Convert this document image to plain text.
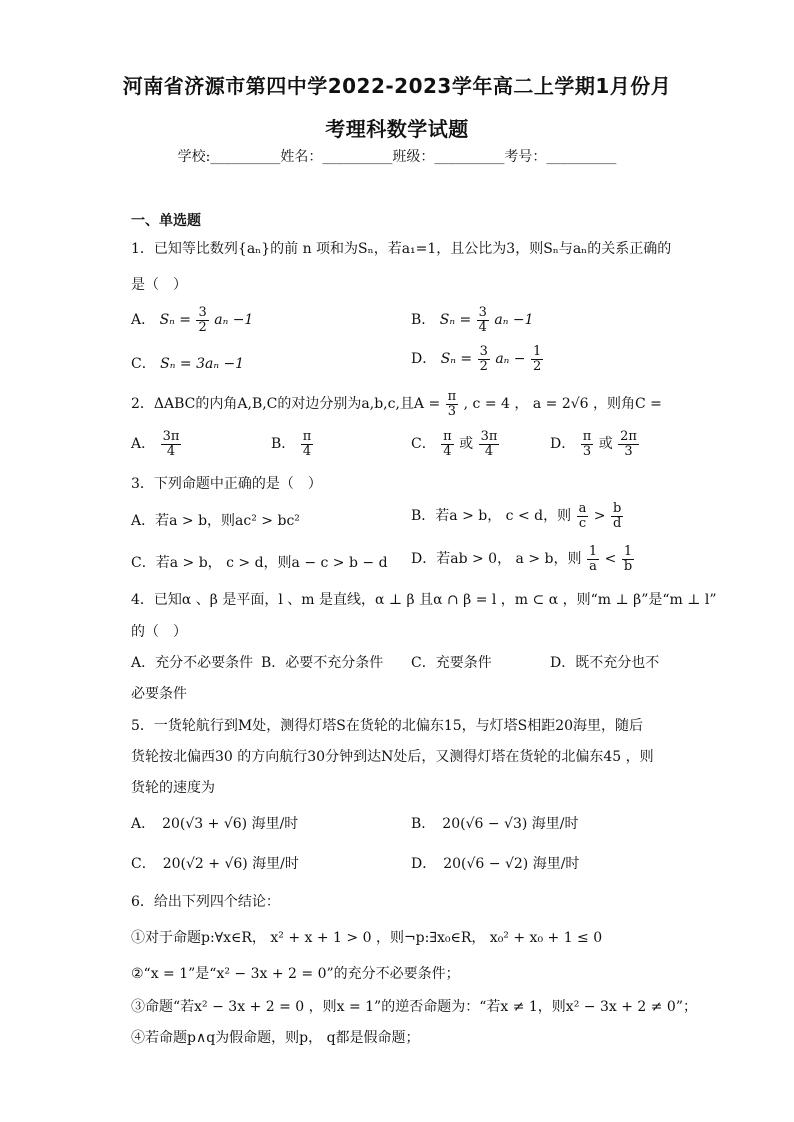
河南省济源市第四中学2022-2023学年高二上学期1月份月
考理科数学试题
学校:__________姓名：__________班级：__________考号：__________
一、单选题
1．已知等比数列{aₙ}的前 n 项和为Sₙ，若a₁=1，且公比为3，则Sₙ与aₙ的关系正确的
是（　）
A． $S_n = \frac{3}{2}$ aₙ −1	B． $S_n = \frac{3}{4}$ aₙ −1
C． Sₙ = 3aₙ −1	D． $S_n = \frac{3}{2}$ $a_n - \frac{1}{2}$
2．ΔABC的内角A,B,C的对边分别为a,b,c,且$A = \frac{\pi}{3}$ , c = 4 ， a = 2√6 ，则角C =
A． $\frac{3\pi}{4}$	B． $\frac{\pi}{4}$	C． $\frac{\pi}{4}$ 或 $\frac{3\pi}{4}$	D． $\frac{\pi}{3}$ 或 $\frac{2\pi}{3}$
3．下列命题中正确的是（　）
A．若a > b，则ac² > bc²	B．若a > b， c < d，则 $\frac{a}{c} > \frac{b}{d}$
C．若a > b， c > d，则a − c > b − d D．若ab > 0， a > b，则 $\frac{1}{a} < \frac{1}{b}$
4．已知α 、β 是平面，l 、m 是直线，α ⊥ β 且α ∩ β = l ，m ⊂ α ，则“m ⊥ β”是“m ⊥ l”
的（　）
A．充分不必要条件 B．必要不充分条件 C．充要条件	D．既不充分也不
必要条件
5．一货轮航行到M处，测得灯塔S在货轮的北偏东15，与灯塔S相距20海里，随后
货轮按北偏西30 的方向航行30分钟到达N处后，又测得灯塔在货轮的北偏东45 ，则
货轮的速度为
A．　20(√3 + √6) 海里/时	B．　20(√6 − √3) 海里/时
C．　20(√2 + √6) 海里/时	D．　20(√6 − √2) 海里/时
6．给出下列四个结论：
①对于命题p:∀x∈R， x² + x + 1 > 0 ，则¬p:∃x₀∈R， x₀² + x₀ + 1 ≤ 0
②“x = 1”是“x² − 3x + 2 = 0”的充分不必要条件；
③命题“若x² − 3x + 2 = 0 ，则x = 1”的逆否命题为：“若x ≠ 1，则x² − 3x + 2 ≠ 0”；
④若命题p∧q为假命题，则p， q都是假命题；
